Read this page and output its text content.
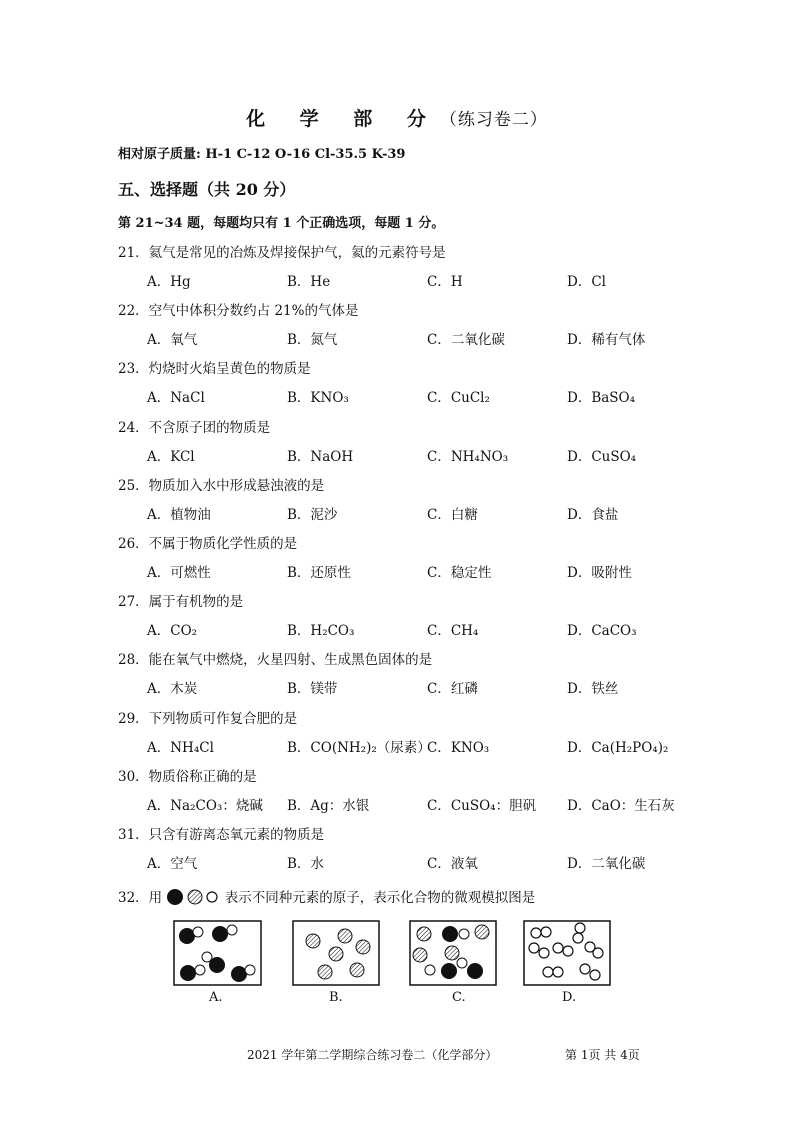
化 学 部 分（练习卷二）
相对原子质量: H-1 C-12 O-16 Cl-35.5 K-39
五、选择题（共 20 分）
第 21~34 题，每题均只有 1 个正确选项，每题 1 分。
21．氦气是常见的冶炼及焊接保护气，氦的元素符号是
A．Hg	B．He	C．H	D．Cl
22．空气中体积分数约占 21%的气体是
A．氧气	B．氮气	C．二氧化碳	D．稀有气体
23．灼烧时火焰呈黄色的物质是
A．NaCl	B．KNO₃	C．CuCl₂	D．BaSO₄
24．不含原子团的物质是
A．KCl	B．NaOH	C．NH₄NO₃	D．CuSO₄
25．物质加入水中形成悬浊液的是
A．植物油	B．泥沙	C．白糖	D．食盐
26．不属于物质化学性质的是
A．可燃性	B．还原性	C．稳定性	D．吸附性
27．属于有机物的是
A．CO₂	B．H₂CO₃	C．CH₄	D．CaCO₃
28．能在氧气中燃烧，火星四射、生成黑色固体的是
A．木炭	B．镁带	C．红磷	D．铁丝
29．下列物质可作复合肥的是
A．NH₄Cl	B．CO(NH₂)₂（尿素）
C．KNO₃	D．Ca(H₂PO₄)₂
30．物质俗称正确的是
A．Na₂CO₃：烧碱 B．Ag：水银	C．CuSO₄：胆矾 D．CaO：生石灰
31．只含有游离态氧元素的物质是
A．空气	B．水	C．液氧	D．二氧化碳
32．用	表示不同种元素的原子，表示化合物的微观模拟图是
A.	B.	C.	D.
2021 学年第二学期综合练习卷二（化学部分）	第 1页 共 4页
